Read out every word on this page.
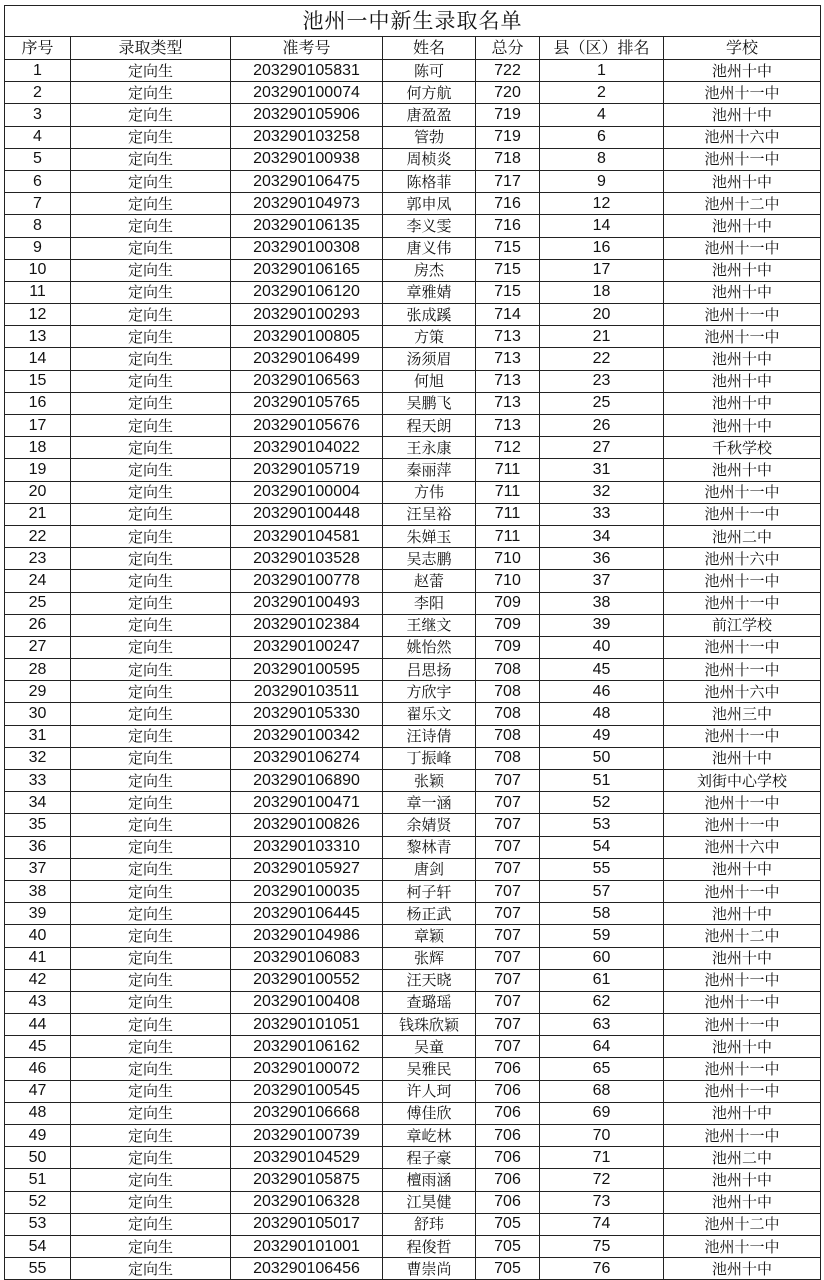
池州一中新生录取名单						
序号	录取类型	准考号	姓名	总分	县（区）排名	学校
1	定向生	203290105831	陈可	722	1	池州十中
2	定向生	203290100074	何方航	720	2	池州十一中
3	定向生	203290105906	唐盈盈	719	4	池州十中
4	定向生	203290103258	管勃	719	6	池州十六中
5	定向生	203290100938	周桢炎	718	8	池州十一中
6	定向生	203290106475	陈格菲	717	9	池州十中
7	定向生	203290104973	郭申凤	716	12	池州十二中
8	定向生	203290106135	李义雯	716	14	池州十中
9	定向生	203290100308	唐义伟	715	16	池州十一中
10	定向生	203290106165	房杰	715	17	池州十中
11	定向生	203290106120	章雅婧	715	18	池州十中
12	定向生	203290100293	张成蹊	714	20	池州十一中
13	定向生	203290100805	方策	713	21	池州十一中
14	定向生	203290106499	汤须眉	713	22	池州十中
15	定向生	203290106563	何旭	713	23	池州十中
16	定向生	203290105765	吴鹏飞	713	25	池州十中
17	定向生	203290105676	程天朗	713	26	池州十中
18	定向生	203290104022	王永康	712	27	千秋学校
19	定向生	203290105719	秦丽萍	711	31	池州十中
20	定向生	203290100004	方伟	711	32	池州十一中
21	定向生	203290100448	汪呈裕	711	33	池州十一中
22	定向生	203290104581	朱婵玉	711	34	池州二中
23	定向生	203290103528	吴志鹏	710	36	池州十六中
24	定向生	203290100778	赵蕾	710	37	池州十一中
25	定向生	203290100493	李阳	709	38	池州十一中
26	定向生	203290102384	王继文	709	39	前江学校
27	定向生	203290100247	姚怡然	709	40	池州十一中
28	定向生	203290100595	吕思扬	708	45	池州十一中
29	定向生	203290103511	方欣宇	708	46	池州十六中
30	定向生	203290105330	翟乐文	708	48	池州三中
31	定向生	203290100342	汪诗倩	708	49	池州十一中
32	定向生	203290106274	丁振峰	708	50	池州十中
33	定向生	203290106890	张颖	707	51	刘街中心学校
34	定向生	203290100471	章一涵	707	52	池州十一中
35	定向生	203290100826	余婧贤	707	53	池州十一中
36	定向生	203290103310	黎林青	707	54	池州十六中
37	定向生	203290105927	唐剑	707	55	池州十中
38	定向生	203290100035	柯子轩	707	57	池州十一中
39	定向生	203290106445	杨正武	707	58	池州十中
40	定向生	203290104986	章颖	707	59	池州十二中
41	定向生	203290106083	张辉	707	60	池州十中
42	定向生	203290100552	汪天晓	707	61	池州十一中
43	定向生	203290100408	查璐瑶	707	62	池州十一中
44	定向生	203290101051	钱珠欣颖	707	63	池州十一中
45	定向生	203290106162	吴童	707	64	池州十中
46	定向生	203290100072	吴雅民	706	65	池州十一中
47	定向生	203290100545	许人珂	706	68	池州十一中
48	定向生	203290106668	傅佳欣	706	69	池州十中
49	定向生	203290100739	章屹林	706	70	池州十一中
50	定向生	203290104529	程子豪	706	71	池州二中
51	定向生	203290105875	檀雨涵	706	72	池州十中
52	定向生	203290106328	江昊健	706	73	池州十中
53	定向生	203290105017	舒玮	705	74	池州十二中
54	定向生	203290101001	程俊哲	705	75	池州十一中
55	定向生	203290106456	曹崇尚	705	76	池州十中
